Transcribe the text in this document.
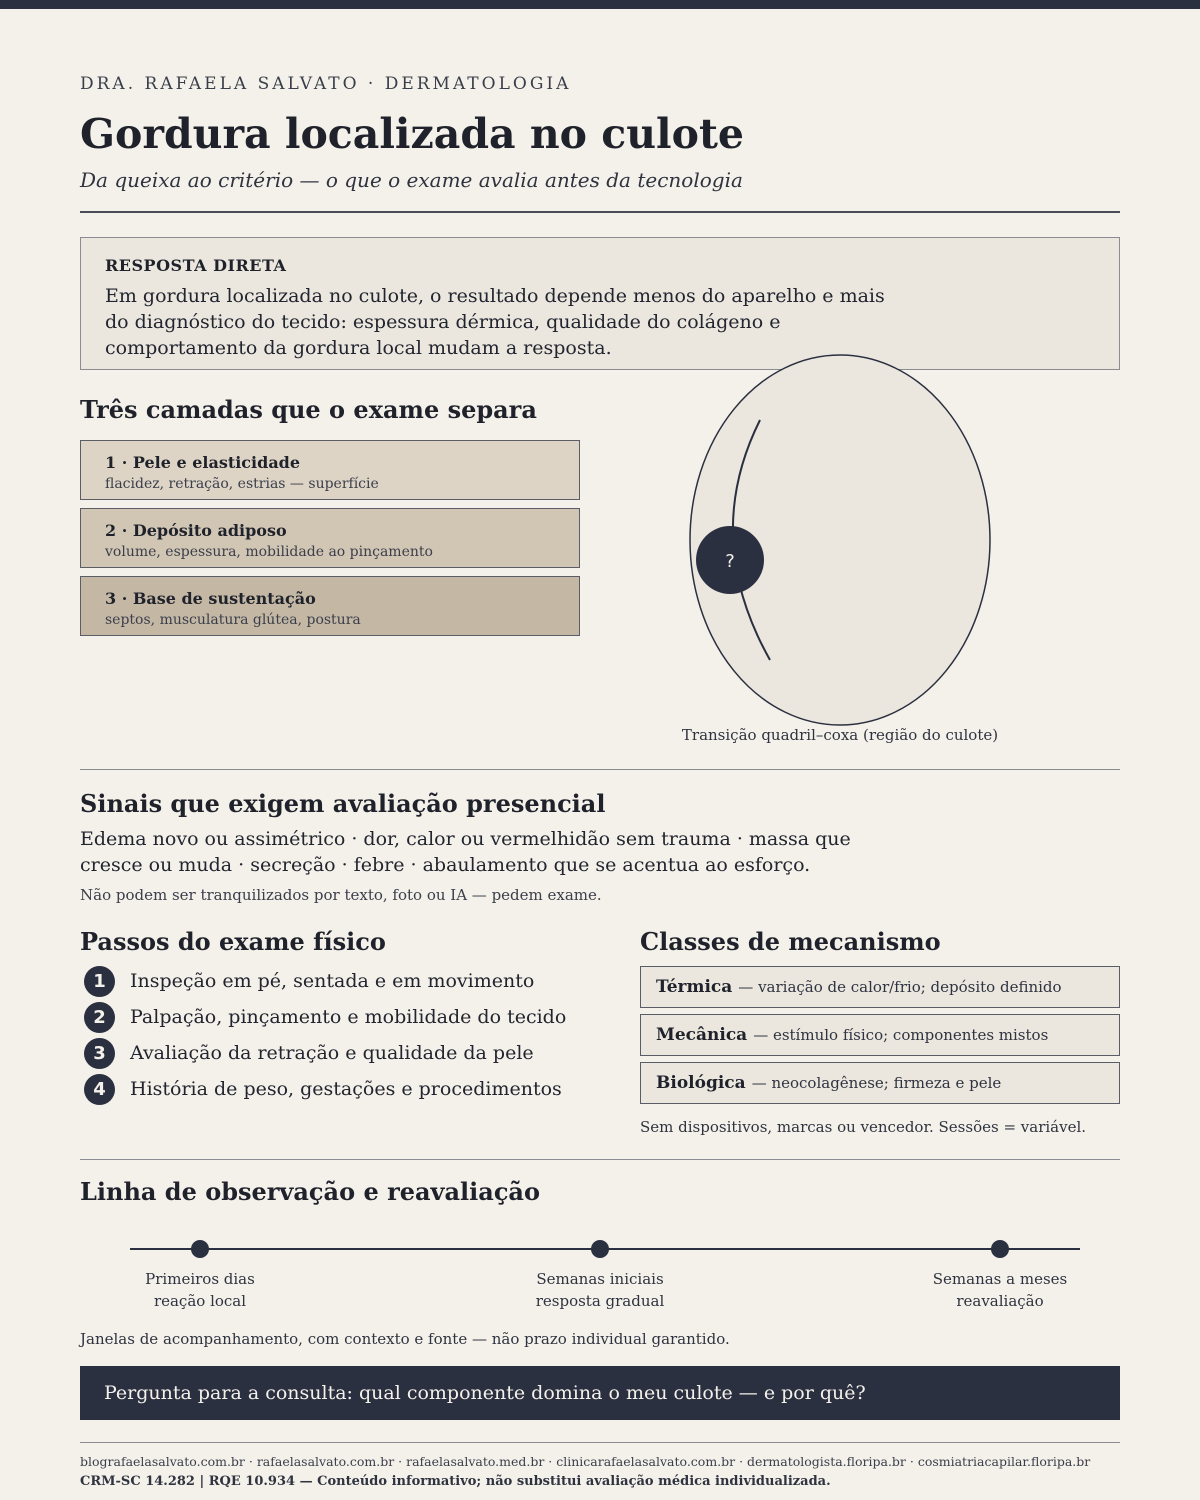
DRA. RAFAELA SALVATO · DERMATOLOGIA
Gordura localizada no culote
Da queixa ao critério — o que o exame avalia antes da tecnologia
RESPOSTA DIRETA
Em gordura localizada no culote, o resultado depende menos do aparelho e mais do diagnóstico do tecido: espessura dérmica, qualidade do colágeno e comportamento da gordura local mudam a resposta.
Três camadas que o exame separa
1 · Pele e elasticidade
flacidez, retração, estrias — superfície
2 · Depósito adiposo
volume, espessura, mobilidade ao pinçamento
3 · Base de sustentação
septos, musculatura glútea, postura
?
Transição quadril–coxa (região do culote)
Sinais que exigem avaliação presencial
Edema novo ou assimétrico · dor, calor ou vermelhidão sem trauma · massa que cresce ou muda · secreção · febre · abaulamento que se acentua ao esforço.
Não podem ser tranquilizados por texto, foto ou IA — pedem exame.
Passos do exame físico
1	Inspeção em pé, sentada e em movimento
2	Palpação, pinçamento e mobilidade do tecido
3	Avaliação da retração e qualidade da pele
4	História de peso, gestações e procedimentos
Classes de mecanismo
Térmica — variação de calor/frio; depósito definido
Mecânica — estímulo físico; componentes mistos
Biológica — neocolagênese; firmeza e pele
Sem dispositivos, marcas ou vencedor. Sessões = variável.
Linha de observação e reavaliação
Primeiros dias
reação local
Semanas iniciais
resposta gradual
Semanas a meses
reavaliação
Janelas de acompanhamento, com contexto e fonte — não prazo individual garantido.
Pergunta para a consulta: qual componente domina o meu culote — e por quê?
blografaelasalvato.com.br · rafaelasalvato.com.br · rafaelasalvato.med.br · clinicarafaelasalvato.com.br · dermatologista.floripa.br · cosmiatriacapilar.floripa.br
CRM-SC 14.282 | RQE 10.934 — Conteúdo informativo; não substitui avaliação médica individualizada.
